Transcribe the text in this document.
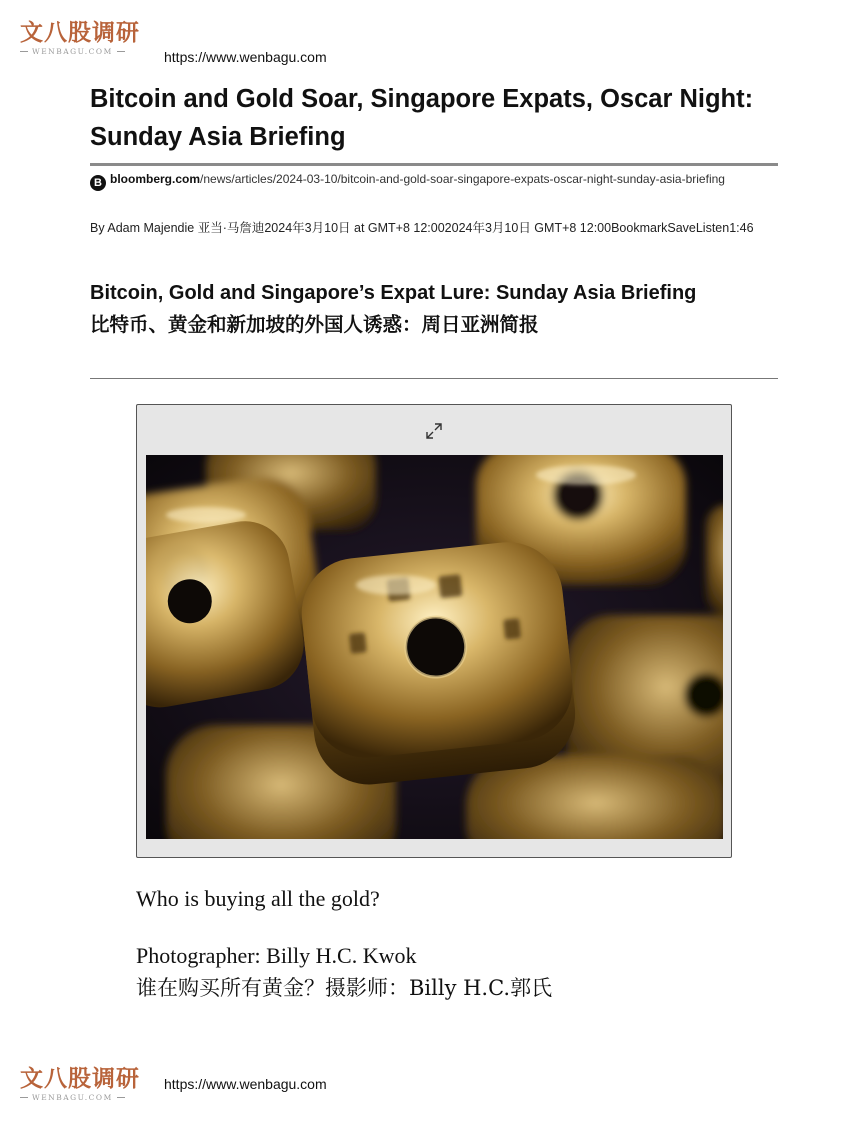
文八股调研
WENBAGU.COM	https://www.wenbagu.com
Bitcoin and Gold Soar, Singapore Expats, Oscar Night: Sunday Asia Briefing
B bloomberg.com/news/articles/2024-03-10/bitcoin-and-gold-soar-singapore-expats-oscar-night-sunday-asia-briefing
By Adam Majendie 亚当·马詹迪2024年3月10日 at GMT+8 12:002024年3月10日 GMT+8 12:00BookmarkSaveListen1:46
Bitcoin, Gold and Singapore’s Expat Lure: Sunday Asia Briefing
比特币、黄金和新加坡的外国人诱惑：周日亚洲简报

Who is buying all the gold?

Photographer: Billy H.C. Kwok

谁在购买所有黄金？摄影师：Billy H.C.郭氏

文八股调研
WENBAGU.COM
https://www.wenbagu.com
